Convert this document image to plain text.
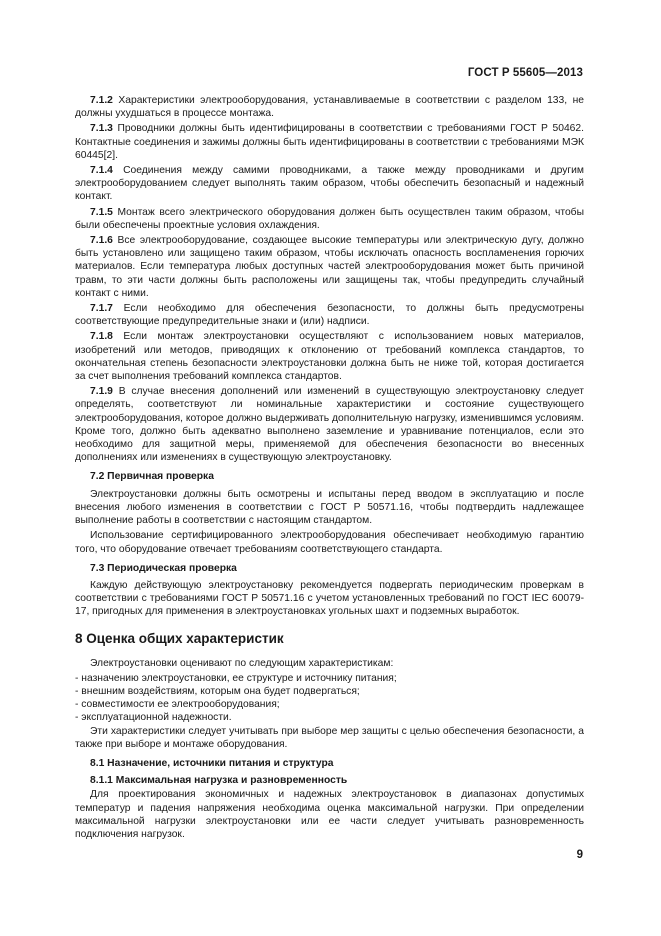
ГОСТ Р 55605—2013

7.1.2 Характеристики электрооборудования, устанавливаемые в соответствии с разделом 133, не должны ухудшаться в процессе монтажа.

7.1.3 Проводники должны быть идентифицированы в соответствии с требованиями ГОСТ Р 50462. Контактные соединения и зажимы должны быть идентифицированы в соответствии с требованиями МЭК 60445[2].

7.1.4 Соединения между самими проводниками, а также между проводниками и другим электрооборудованием следует выполнять таким образом, чтобы обеспечить безопасный и надежный контакт.

7.1.5 Монтаж всего электрического оборудования должен быть осуществлен таким образом, чтобы были обеспечены проектные условия охлаждения.

7.1.6 Все электрооборудование, создающее высокие температуры или электрическую дугу, должно быть установлено или защищено таким образом, чтобы исключать опасность воспламенения горючих материалов. Если температура любых доступных частей электрооборудования может быть причиной травм, то эти части должны быть расположены или защищены так, чтобы предупредить случайный контакт с ними.

7.1.7 Если необходимо для обеспечения безопасности, то должны быть предусмотрены соответствующие предупредительные знаки и (или) надписи.

7.1.8 Если монтаж электроустановки осуществляют с использованием новых материалов, изобретений или методов, приводящих к отклонению от требований комплекса стандартов, то окончательная степень безопасности электроустановки должна быть не ниже той, которая достигается за счет выполнения требований комплекса стандартов.

7.1.9 В случае внесения дополнений или изменений в существующую электроустановку следует определять, соответствуют ли номинальные характеристики и состояние существующего электрооборудования, которое должно выдерживать дополнительную нагрузку, изменившимся условиям. Кроме того, должно быть адекватно выполнено заземление и уравнивание потенциалов, если это необходимо для защитной меры, применяемой для обеспечения безопасности во внесенных дополнениях или изменениях в существующую электроустановку.

7.2 Первичная проверка

Электроустановки должны быть осмотрены и испытаны перед вводом в эксплуатацию и после внесения любого изменения в соответствии с ГОСТ Р 50571.16, чтобы подтвердить надлежащее выполнение работы в соответствии с настоящим стандартом.

Использование сертифицированного электрооборудования обеспечивает необходимую гарантию того, что оборудование отвечает требованиям соответствующего стандарта.

7.3 Периодическая проверка

Каждую действующую электроустановку рекомендуется подвергать периодическим проверкам в соответствии с требованиями ГОСТ Р 50571.16 с учетом установленных требований по ГОСТ IEC 60079-17, пригодных для применения в электроустановках угольных шахт и подземных выработок.

8 Оценка общих характеристик

Электроустановки оценивают по следующим характеристикам:

- назначению электроустановки, ее структуре и источнику питания;

- внешним воздействиям, которым она будет подвергаться;

- совместимости ее электрооборудования;

- эксплуатационной надежности.

Эти характеристики следует учитывать при выборе мер защиты с целью обеспечения безопасности, а также при выборе и монтаже оборудования.

8.1 Назначение, источники питания и структура

8.1.1 Максимальная нагрузка и разновременность

Для проектирования экономичных и надежных электроустановок в диапазонах допустимых температур и падения напряжения необходима оценка максимальной нагрузки. При определении максимальной нагрузки электроустановки или ее части следует учитывать разновременность подключения нагрузок.

9
